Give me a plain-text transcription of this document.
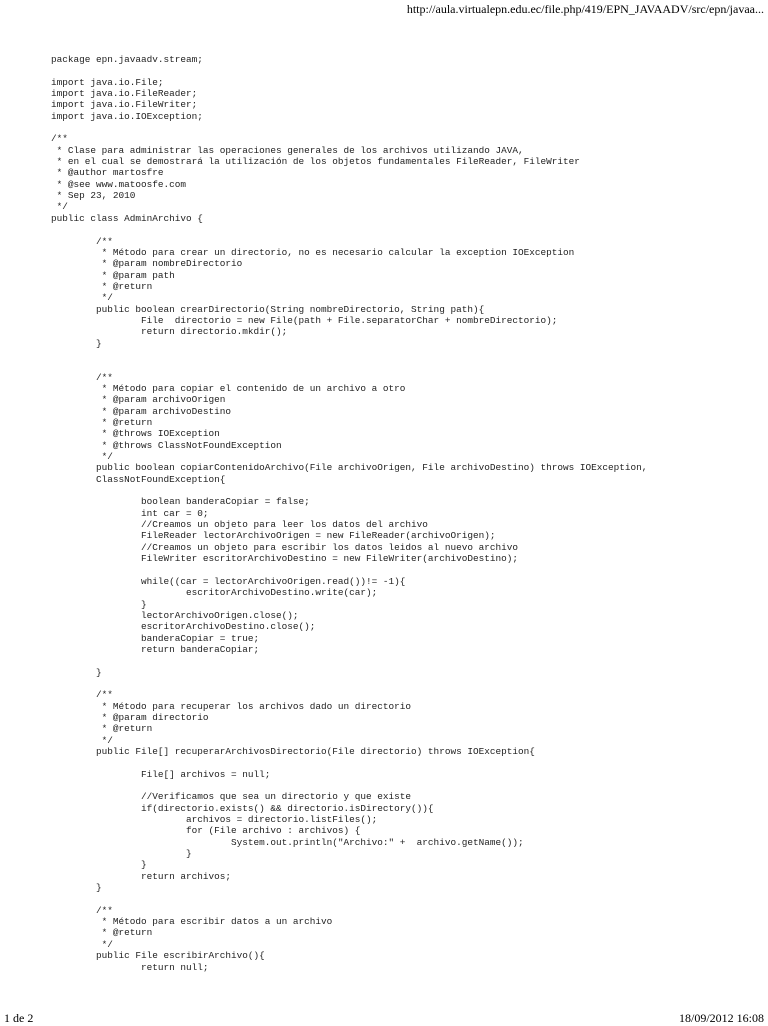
http://aula.virtualepn.edu.ec/file.php/419/EPN_JAVAADV/src/epn/javaa...
package epn.javaadv.stream;
import java.io.File;
import java.io.FileReader;
import java.io.FileWriter;
import java.io.IOException;
/**
* Clase para administrar las operaciones generales de los archivos utilizando JAVA,
* en el cual se demostrará la utilización de los objetos fundamentales FileReader, FileWriter
* @author martosfre
* @see www.matoosfe.com
* Sep 23, 2010
*/
public class AdminArchivo {
/**
* Método para crear un directorio, no es necesario calcular la exception IOException
* @param nombreDirectorio
* @param path
* @return
*/
public boolean crearDirectorio(String nombreDirectorio, String path){
File  directorio = new File(path + File.separatorChar + nombreDirectorio);
return directorio.mkdir();
}
/**
* Método para copiar el contenido de un archivo a otro
* @param archivoOrigen
* @param archivoDestino
* @return
* @throws IOException
* @throws ClassNotFoundException
*/
public boolean copiarContenidoArchivo(File archivoOrigen, File archivoDestino) throws IOException,
ClassNotFoundException{
boolean banderaCopiar = false;
int car = 0;
//Creamos un objeto para leer los datos del archivo
FileReader lectorArchivoOrigen = new FileReader(archivoOrigen);
//Creamos un objeto para escribir los datos leidos al nuevo archivo
FileWriter escritorArchivoDestino = new FileWriter(archivoDestino);
while((car = lectorArchivoOrigen.read())!= -1){
escritorArchivoDestino.write(car);
}
lectorArchivoOrigen.close();
escritorArchivoDestino.close();
banderaCopiar = true;
return banderaCopiar;
}
/**
* Método para recuperar los archivos dado un directorio
* @param directorio
* @return
*/
public File[] recuperarArchivosDirectorio(File directorio) throws IOException{
File[] archivos = null;
//Verificamos que sea un directorio y que existe
if(directorio.exists() && directorio.isDirectory()){
archivos = directorio.listFiles();
for (File archivo : archivos) {
System.out.println("Archivo:" +  archivo.getName());
}
}
return archivos;
}
/**
* Método para escribir datos a un archivo
* @return
*/
public File escribirArchivo(){
return null;
1 de 2	18/09/2012 16:08
